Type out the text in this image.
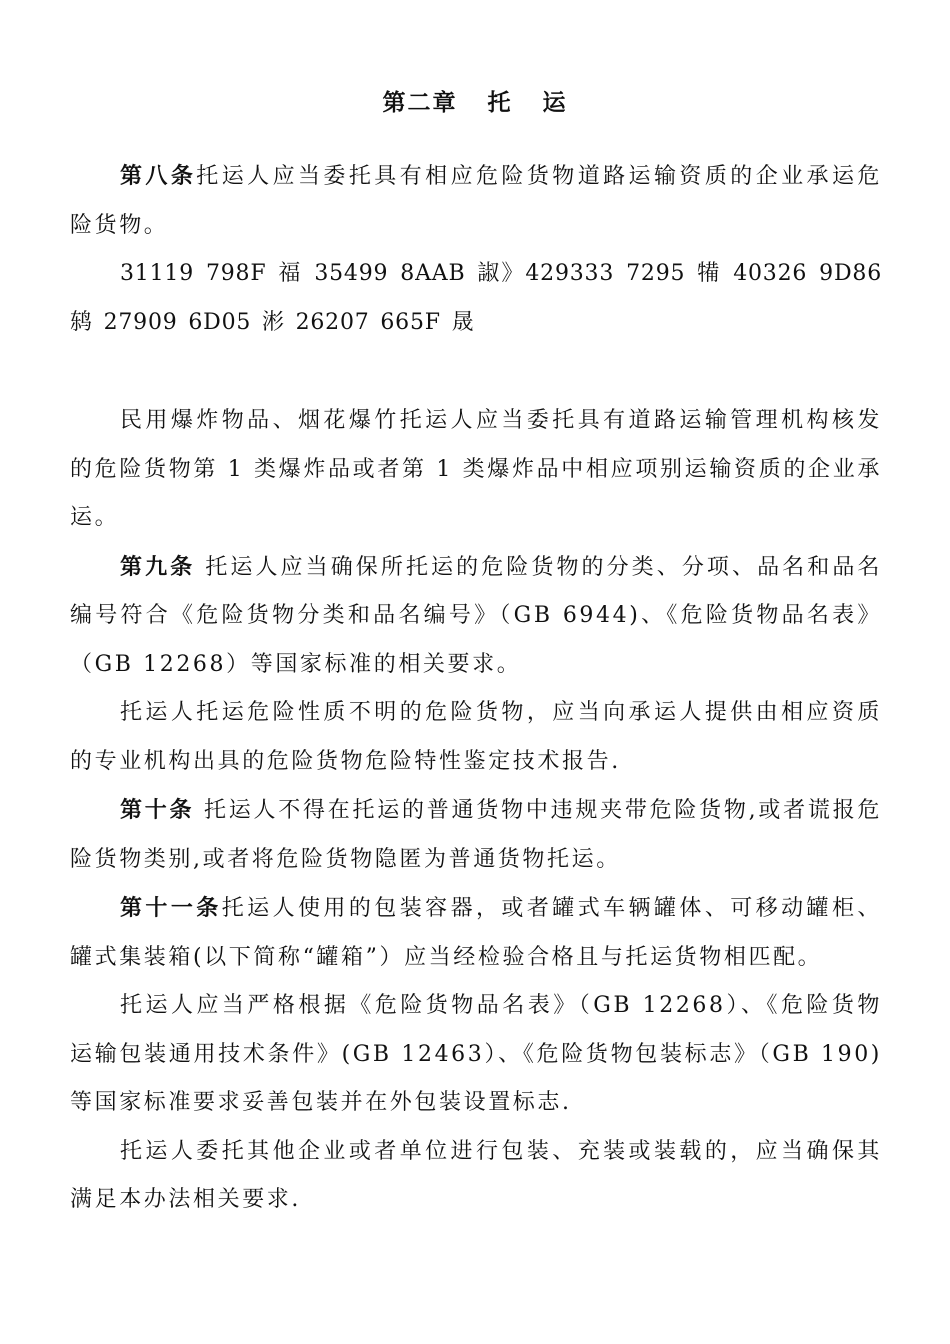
第二章   托   运

第八条托运人应当委托具有相应危险货物道路运输资质的企业承运危险货物。

31119 798F 福 35499 8AAB 諔》429333 7295 犕 40326 9D86 鸫 27909 6D05 涁 26207 665F 晟

民用爆炸物品、烟花爆竹托运人应当委托具有道路运输管理机构核发的危险货物第 1 类爆炸品或者第 1 类爆炸品中相应项别运输资质的企业承运。

第九条 托运人应当确保所托运的危险货物的分类、分项、品名和品名编号符合《危险货物分类和品名编号》（GB 6944)、《危险货物品名表》（GB 12268）等国家标准的相关要求。

托运人托运危险性质不明的危险货物，应当向承运人提供由相应资质的专业机构出具的危险货物危险特性鉴定技术报告.

第十条 托运人不得在托运的普通货物中违规夹带危险货物,或者谎报危险货物类别,或者将危险货物隐匿为普通货物托运。

第十一条托运人使用的包装容器，或者罐式车辆罐体、可移动罐柜、罐式集装箱(以下简称“罐箱”）应当经检验合格且与托运货物相匹配。

托运人应当严格根据《危险货物品名表》（GB 12268）、《危险货物运输包装通用技术条件》(GB 12463）、《危险货物包装标志》（GB 190)等国家标准要求妥善包装并在外包装设置标志.

托运人委托其他企业或者单位进行包装、充装或装载的，应当确保其满足本办法相关要求.
